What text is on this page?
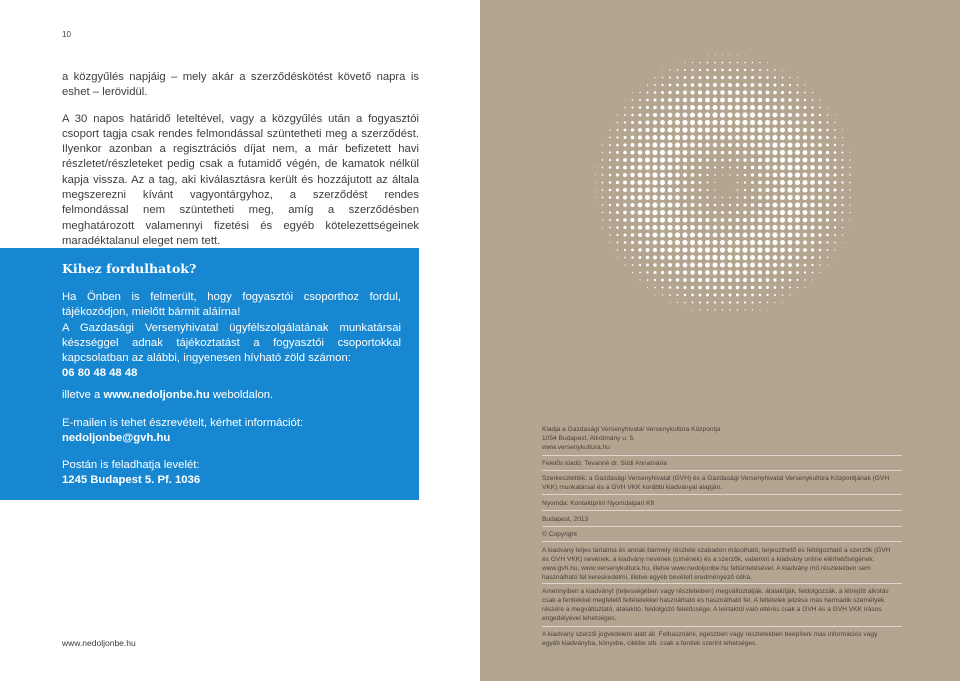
10

a közgyűlés napjáig – mely akár a szerződéskötést követő napra is eshet – lerövidül.

A 30 napos határidő leteltével, vagy a közgyűlés után a fogyasztói csoport tagja csak rendes felmondással szüntetheti meg a szerződést. Ilyenkor azonban a regisztrációs díjat nem, a már befizetett havi részletet/részleteket pedig csak a futamidő végén, de kamatok nélkül kapja vissza. Az a tag, aki kiválasztásra került és hozzájutott az általa megszerezni kívánt vagyontárgyhoz, a szerződést rendes felmondással nem szüntetheti meg, amíg a szerződésben meghatározott valamennyi fizetési és egyéb kötelezettségeinek maradéktalanul eleget nem tett.

Kihez fordulhatok?

Ha Önben is felmerült, hogy fogyasztói csoporthoz fordul, tájékozódjon, mielőtt bármit aláírna!

A Gazdasági Versenyhivatal ügyfélszolgálatának munkatársai készséggel adnak tájékoztatást a fogyasztói csoportokkal kapcsolatban az alábbi, ingyenesen hívható zöld számon:

06 80 48 48 48

illetve a www.nedoljonbe.hu weboldalon.

E-mailen is tehet észrevételt, kérhet információt:

nedoljonbe@gvh.hu

Postán is feladhatja levelét:

1245 Budapest 5. Pf. 1036

www.nedoljonbe.hu

Kiadja a Gazdasági Versenyhivatal Versenykultúra Központja

1054 Budapest, Alkotmány u. 5.

www.versenykultura.hu

Felelős kiadó: Tevanné dr. Südi Annamária
Szerkesztették: a Gazdasági Versenyhivatal (GVH) és a Gazdasági Versenyhivatal Versenykultúra Központjának (GVH VKK) munkatársai és a GVH VKK korábbi kiadványai alapján.
Nyomda: Kontaktprint Nyomdaipari Kft
Budapest, 2013
© Copyright
A kiadvány teljes tartalma és annak bármely részlete szabadon másolható, terjeszthető és felolgozható a szerzők (GVH és GVH VKK) nevének, a kiadvány nevének (címének) és a szerzők, valamint a kiadvány online elérhetőségének: www.gvh.hu, www.versenykultura.hu, illetve www.nedoljonbe.hu feltüntetésével. A kiadvány mű részleteiben sem használható fel kereskedelmi, illetve egyéb bevételt eredményező célra.
Amennyiben a kiadványt (teljességében vagy részleteiben) megváltoztatják, átalakítják, feldolgozzák, a létrejött alkotás csak a fentiekkel megfelelő feltételekkel használható és használható fel. A feltételek jelzése más harmadik személyek részére a megváltoztató, átalakító, feldolgozó felelőssége. A leírtaktól való eltérés csak a GVH és a GVH VKK írásos engedélyével lehetséges.
A kiadvány szerzői jogvédelem alatt áll. Felhasználni, egészben vagy részletekben beépíteni más információs vagy egyéb kiadványba, könyvbe, cikkbe stb. csak a fentiek szerint lehetséges.
